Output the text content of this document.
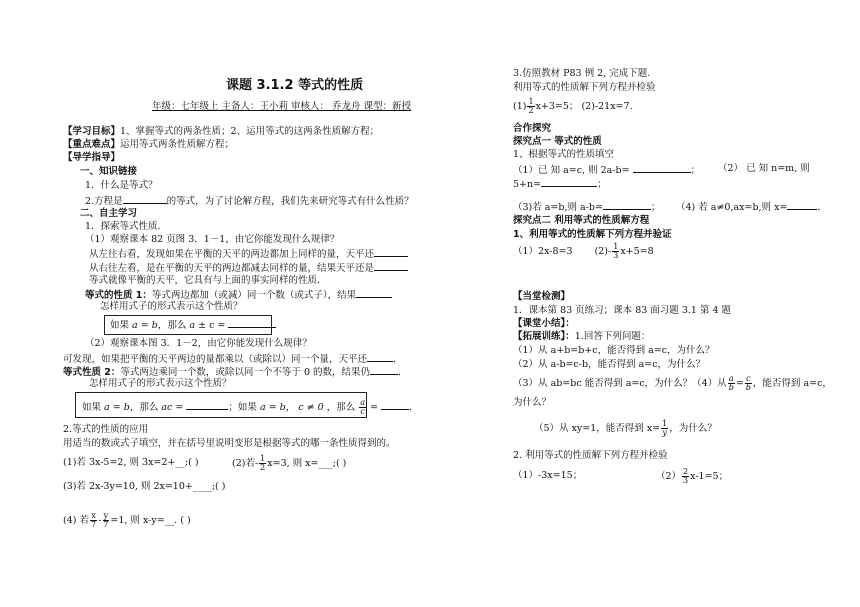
课题 3.1.2 等式的性质
年级：七年级上 主备人：王小莉 审核人： 乔龙舟 课型：新授
【学习目标】1、掌握等式的两条性质；2、运用等式的这两条性质解方程；
【重点难点】运用等式两条性质解方程；
【导学指导】
一、知识链接
1．什么是等式？
2.方程是	的等式，为了讨论解方程，我们先来研究等式有什么性质？
二、自主学习
1．探索等式性质．
（1）观察课本 82 页图 3．1－1，由它你能发现什么规律？
从左往右看，发现如果在平衡的天平的两边都加上同样的量，天平还
从右往左看，是在平衡的天平的两边都减去同样的量，结果天平还是
等式就像平衡的天平，它具有与上面的事实同样的性质．
等式的性质 1：等式两边都加（或减）同一个数（或式子），结果
怎样用式子的形式表示这个性质？
如果 a = b，那么 a ± c =
（2）观察课本图 3．1－2，由它你能发现什么规律？
可发现，如果把平衡的天平两边的量都乘以（或除以）同一个量，天平还	．
等式性质 2：等式两边乘同一个数，或除以同一个不等于 0 的数，结果仍	．
怎样用式子的形式表示这个性质？
如果 a = b，那么 ac =	；如果 a = b， c ≠ 0 ，那么 $\frac{a}{c}$ =	．
2.等式的性质的应用
用适当的数或式子填空，并在括号里说明变形是根据等式的哪一条性质得到的。
(1)若 3x-5=2, 则 3x=2+__;( )	(2)若- $\frac{1}{2} x=3$, 则 x=___;( )
(3)若 2x-3y=10, 则 2x=10+____;( )
(4) 若 $\frac{x}{7} - \frac{y}{7} =1$, 则 x-y=__. ( )
3.仿照教材 P83 例 2, 完成下题.
利用等式的性质解下列方程并检验
$(1) \frac{1}{2} x+3=5$； (2)-21x=7.
合作探究
探究点一 等式的性质
1、根据等式的性质填空
（1）已 知 a=c, 则 2a-b=	； （2） 已 知 n=m, 则
5+n=	；
（3)若 a=b,则 a-b=	； （4) 若 a≠0,ax=b,则 x=	．
探究点二 利用等式的性质解方程
1、利用等式的性质解下列方程并验证
（1）2x-8=3 $(2)- \frac{1}{3} x+5=8$
【当堂检测】
1．课本第 83 页练习；课本 83 面习题 3.1 第 4 题
【课堂小结】：
【拓展训练】：1.回答下列问题：
（1）从 a+b=b+c，能否得到 a=c，为什么？
（2）从 a-b=c-b，能否得到 a=c，为什么？
（3）从 ab=bc 能否得到 a=c，为什么？（4）从 $\frac{a}{b} = \frac{c}{b}$ ，能否得到 a=c，
为什么？
（5）从 xy=1，能否得到 $x= \frac{1}{y}$ ，为什么？
2. 利用等式的性质解下列方程并检验
（1）-3x=15；	$(2) \frac{2}{3} x-1=5$；
